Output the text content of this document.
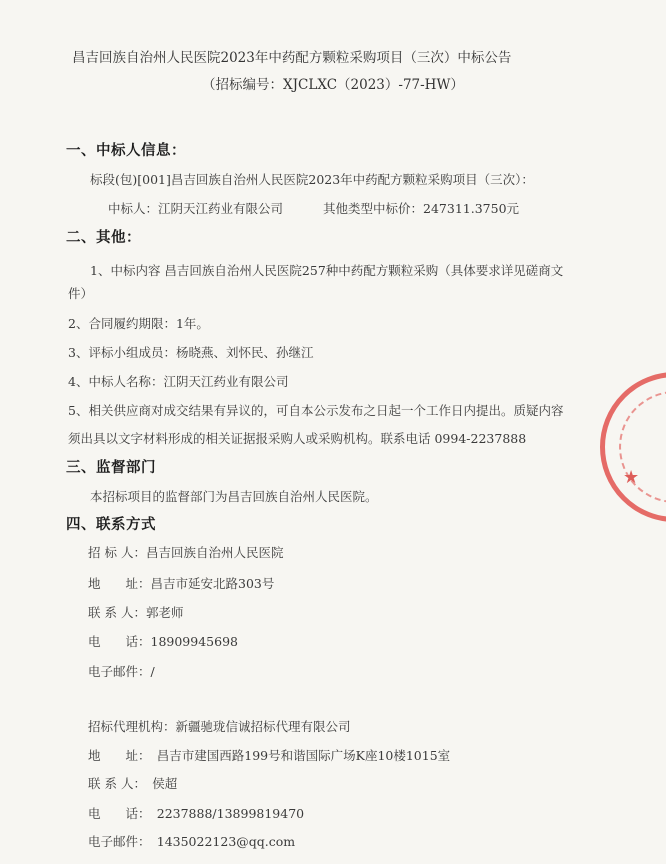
昌吉回族自治州人民医院2023年中药配方颗粒采购项目（三次）中标公告
（招标编号：XJCLXC（2023）-77-HW）
一、中标人信息：
标段(包)[001]昌吉回族自治州人民医院2023年中药配方颗粒采购项目（三次）：
中标人：江阴天江药业有限公司	其他类型中标价：247311.3750元
二、其他：
1、中标内容 昌吉回族自治州人民医院257种中药配方颗粒采购（具体要求详见磋商文
件）
2、合同履约期限：1年。
3、评标小组成员：杨晓燕、刘怀民、孙继江
4、中标人名称：江阴天江药业有限公司
5、相关供应商对成交结果有异议的，可自本公示发布之日起一个工作日内提出。质疑内容
须出具以文字材料形成的相关证据报采购人或采购机构。联系电话 0994-2237888
三、监督部门
本招标项目的监督部门为昌吉回族自治州人民医院。
四、联系方式
招 标 人：昌吉回族自治州人民医院
地　　址：昌吉市延安北路303号
联 系 人：郭老师
电　　话：18909945698
电子邮件：/
招标代理机构：新疆驰珑信诚招标代理有限公司
地　　址：　昌吉市建国西路199号和谐国际广场K座10楼1015室
联 系 人：　侯超
电　　话：　2237888/13899819470
电子邮件：　1435022123@qq.com
★
